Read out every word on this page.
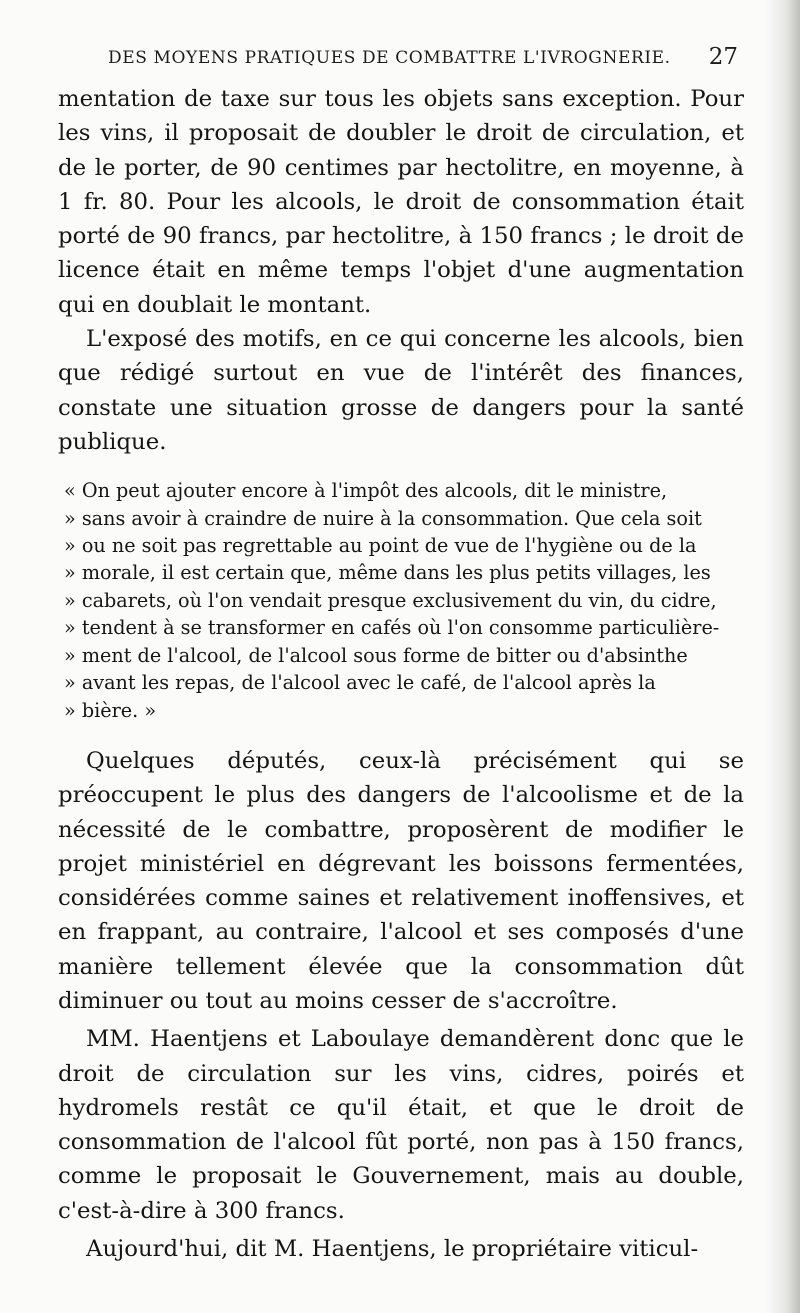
DES MOYENS PRATIQUES DE COMBATTRE L'IVROGNERIE. 27

mentation de taxe sur tous les objets sans exception. Pour les vins, il proposait de doubler le droit de circulation, et de le porter, de 90 centimes par hectolitre, en moyenne, à 1 fr. 80. Pour les alcools, le droit de consommation était porté de 90 francs, par hectolitre, à 150 francs ; le droit de licence était en même temps l'objet d'une augmentation qui en doublait le montant.

L'exposé des motifs, en ce qui concerne les alcools, bien que rédigé surtout en vue de l'intérêt des finances, constate une situation grosse de dangers pour la santé publique.

« On peut ajouter encore à l'impôt des alcools, dit le ministre,
» sans avoir à craindre de nuire à la consommation. Que cela soit
» ou ne soit pas regrettable au point de vue de l'hygiène ou de la
» morale, il est certain que, même dans les plus petits villages, les
» cabarets, où l'on vendait presque exclusivement du vin, du cidre,
» tendent à se transformer en cafés où l'on consomme particulière-
» ment de l'alcool, de l'alcool sous forme de bitter ou d'absinthe
» avant les repas, de l'alcool avec le café, de l'alcool après la
» bière. »

Quelques députés, ceux-là précisément qui se préoccupent le plus des dangers de l'alcoolisme et de la nécessité de le combattre, proposèrent de modifier le projet ministériel en dégrevant les boissons fermentées, considérées comme saines et relativement inoffensives, et en frappant, au contraire, l'alcool et ses composés d'une manière tellement élevée que la consommation dût diminuer ou tout au moins cesser de s'accroître.

MM. Haentjens et Laboulaye demandèrent donc que le droit de circulation sur les vins, cidres, poirés et hydromels restât ce qu'il était, et que le droit de consommation de l'alcool fût porté, non pas à 150 francs, comme le proposait le Gouvernement, mais au double, c'est-à-dire à 300 francs.

Aujourd'hui, dit M. Haentjens, le propriétaire viticul-
